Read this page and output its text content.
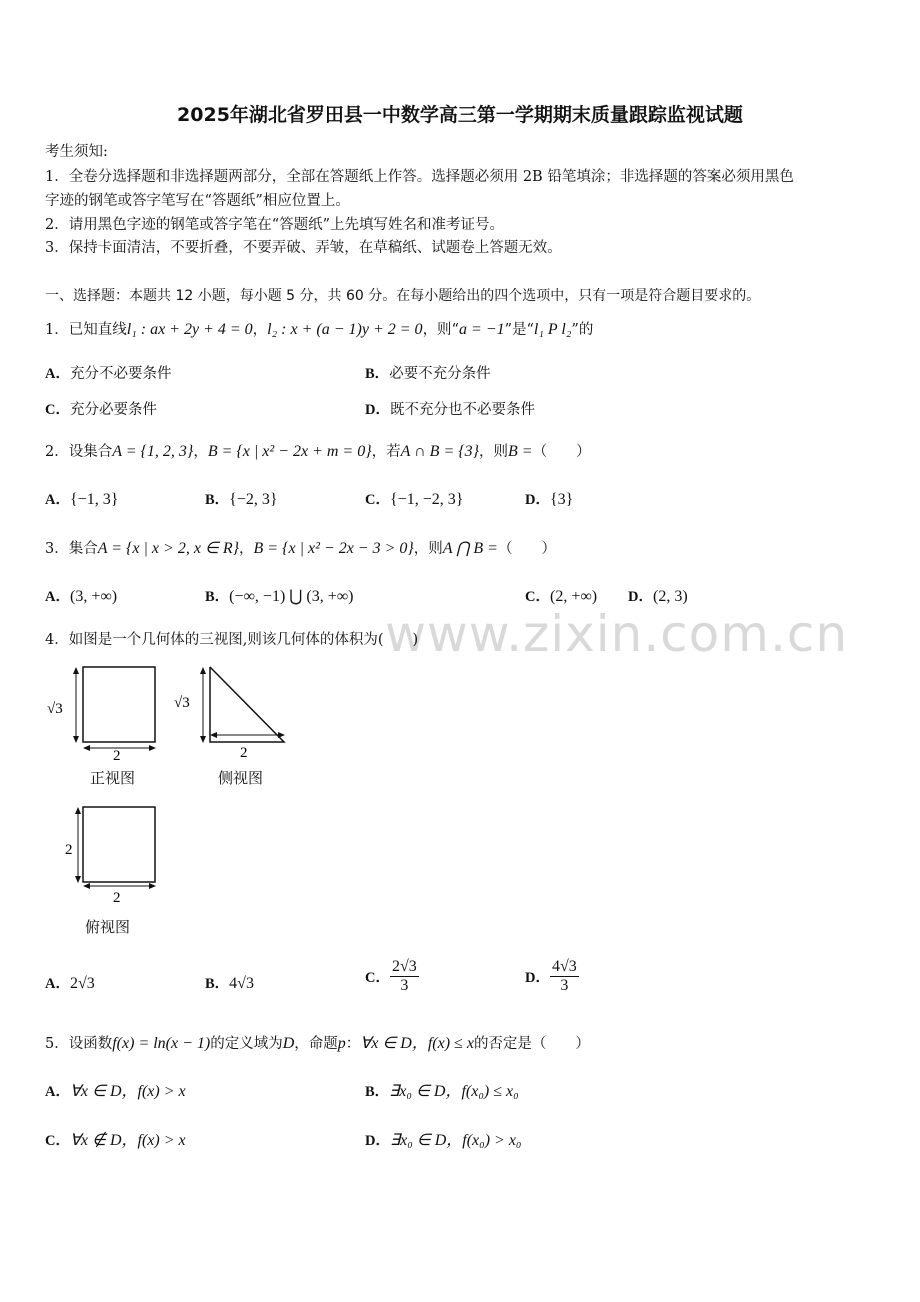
www.zixin.com.cn
2025年湖北省罗田县一中数学高三第一学期期末质量跟踪监视试题
考生须知:
1．全卷分选择题和非选择题两部分，全部在答题纸上作答。选择题必须用 2B 铅笔填涂；非选择题的答案必须用黑色
字迹的钢笔或答字笔写在“答题纸”相应位置上。
2．请用黑色字迹的钢笔或答字笔在“答题纸”上先填写姓名和准考证号。
3．保持卡面清洁，不要折叠，不要弄破、弄皱，在草稿纸、试题卷上答题无效。
一、选择题：本题共 12 小题，每小题 5 分，共 60 分。在每小题给出的四个选项中，只有一项是符合题目要求的。
1．已知直线l₁ : ax + 2y + 4 = 0，l₂ : x + (a − 1)y + 2 = 0，则“a = −1”是“l₁ P l₂”的
A．充分不必要条件	B．必要不充分条件
C．充分必要条件	D．既不充分也不必要条件
2．设集合A = {1, 2, 3}，B = {x | x² − 2x + m = 0}，若A ∩ B = {3}，则B =（　　）
A．{−1, 3}	B．{−2, 3}	C．{−1, −2, 3}	D．{3}
3．集合A = {x | x > 2, x ∈ R}，B = {x | x² − 2x − 3 > 0}，则A ⋂ B =（　　）
A．(3, +∞)	B．(−∞, −1) ⋃ (3, +∞)	C．(2, +∞) D．(2, 3)
4．如图是一个几何体的三视图,则该几何体的体积为(　　)
√3
2
正视图
√3
2
侧视图
2
2
俯视图
A．2√3	B．4√3	C． $\frac{2√3}{3}$	D． $\frac{4√3}{3}$
5．设函数f(x) = ln(x − 1)的定义域为D，命题p：∀x ∈ D，f(x) ≤ x的否定是（　　）
A．∀x ∈ D，f(x) > x	B．∃x₀ ∈ D，f(x₀) ≤ x₀
C．∀x ∉ D，f(x) > x	D．∃x₀ ∈ D，f(x₀) > x₀
